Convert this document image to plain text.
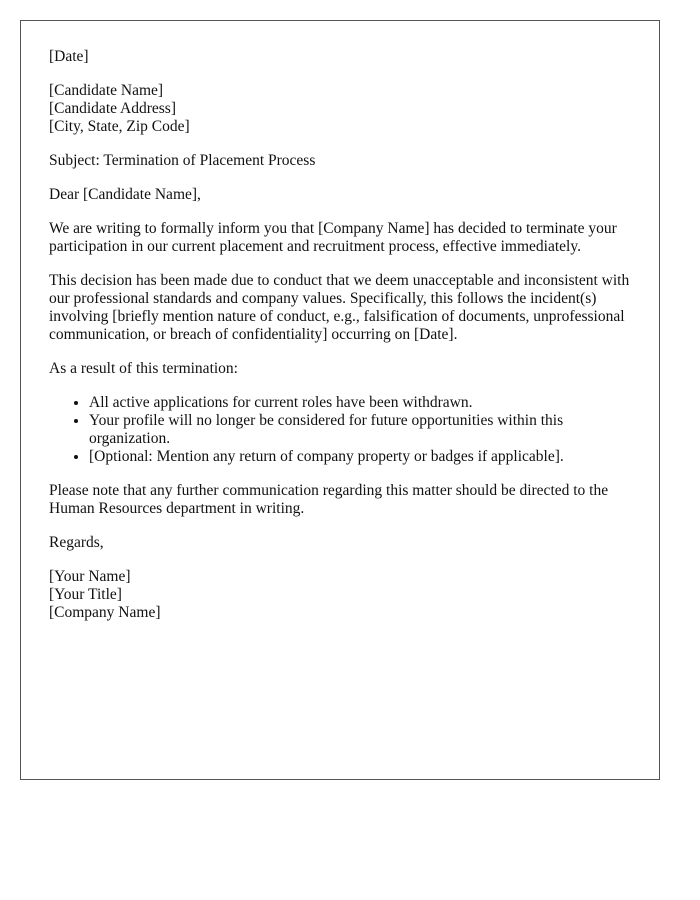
[Date]

[Candidate Name]
[Candidate Address]
[City, State, Zip Code]

Subject: Termination of Placement Process

Dear [Candidate Name],

We are writing to formally inform you that [Company Name] has decided to terminate your participation in our current placement and recruitment process, effective immediately.

This decision has been made due to conduct that we deem unacceptable and inconsistent with our professional standards and company values. Specifically, this follows the incident(s) involving [briefly mention nature of conduct, e.g., falsification of documents, unprofessional communication, or breach of confidentiality] occurring on [Date].

As a result of this termination:

• All active applications for current roles have been withdrawn.
• Your profile will no longer be considered for future opportunities within this organization.
• [Optional: Mention any return of company property or badges if applicable].

Please note that any further communication regarding this matter should be directed to the Human Resources department in writing.

Regards,

[Your Name]
[Your Title]
[Company Name]
